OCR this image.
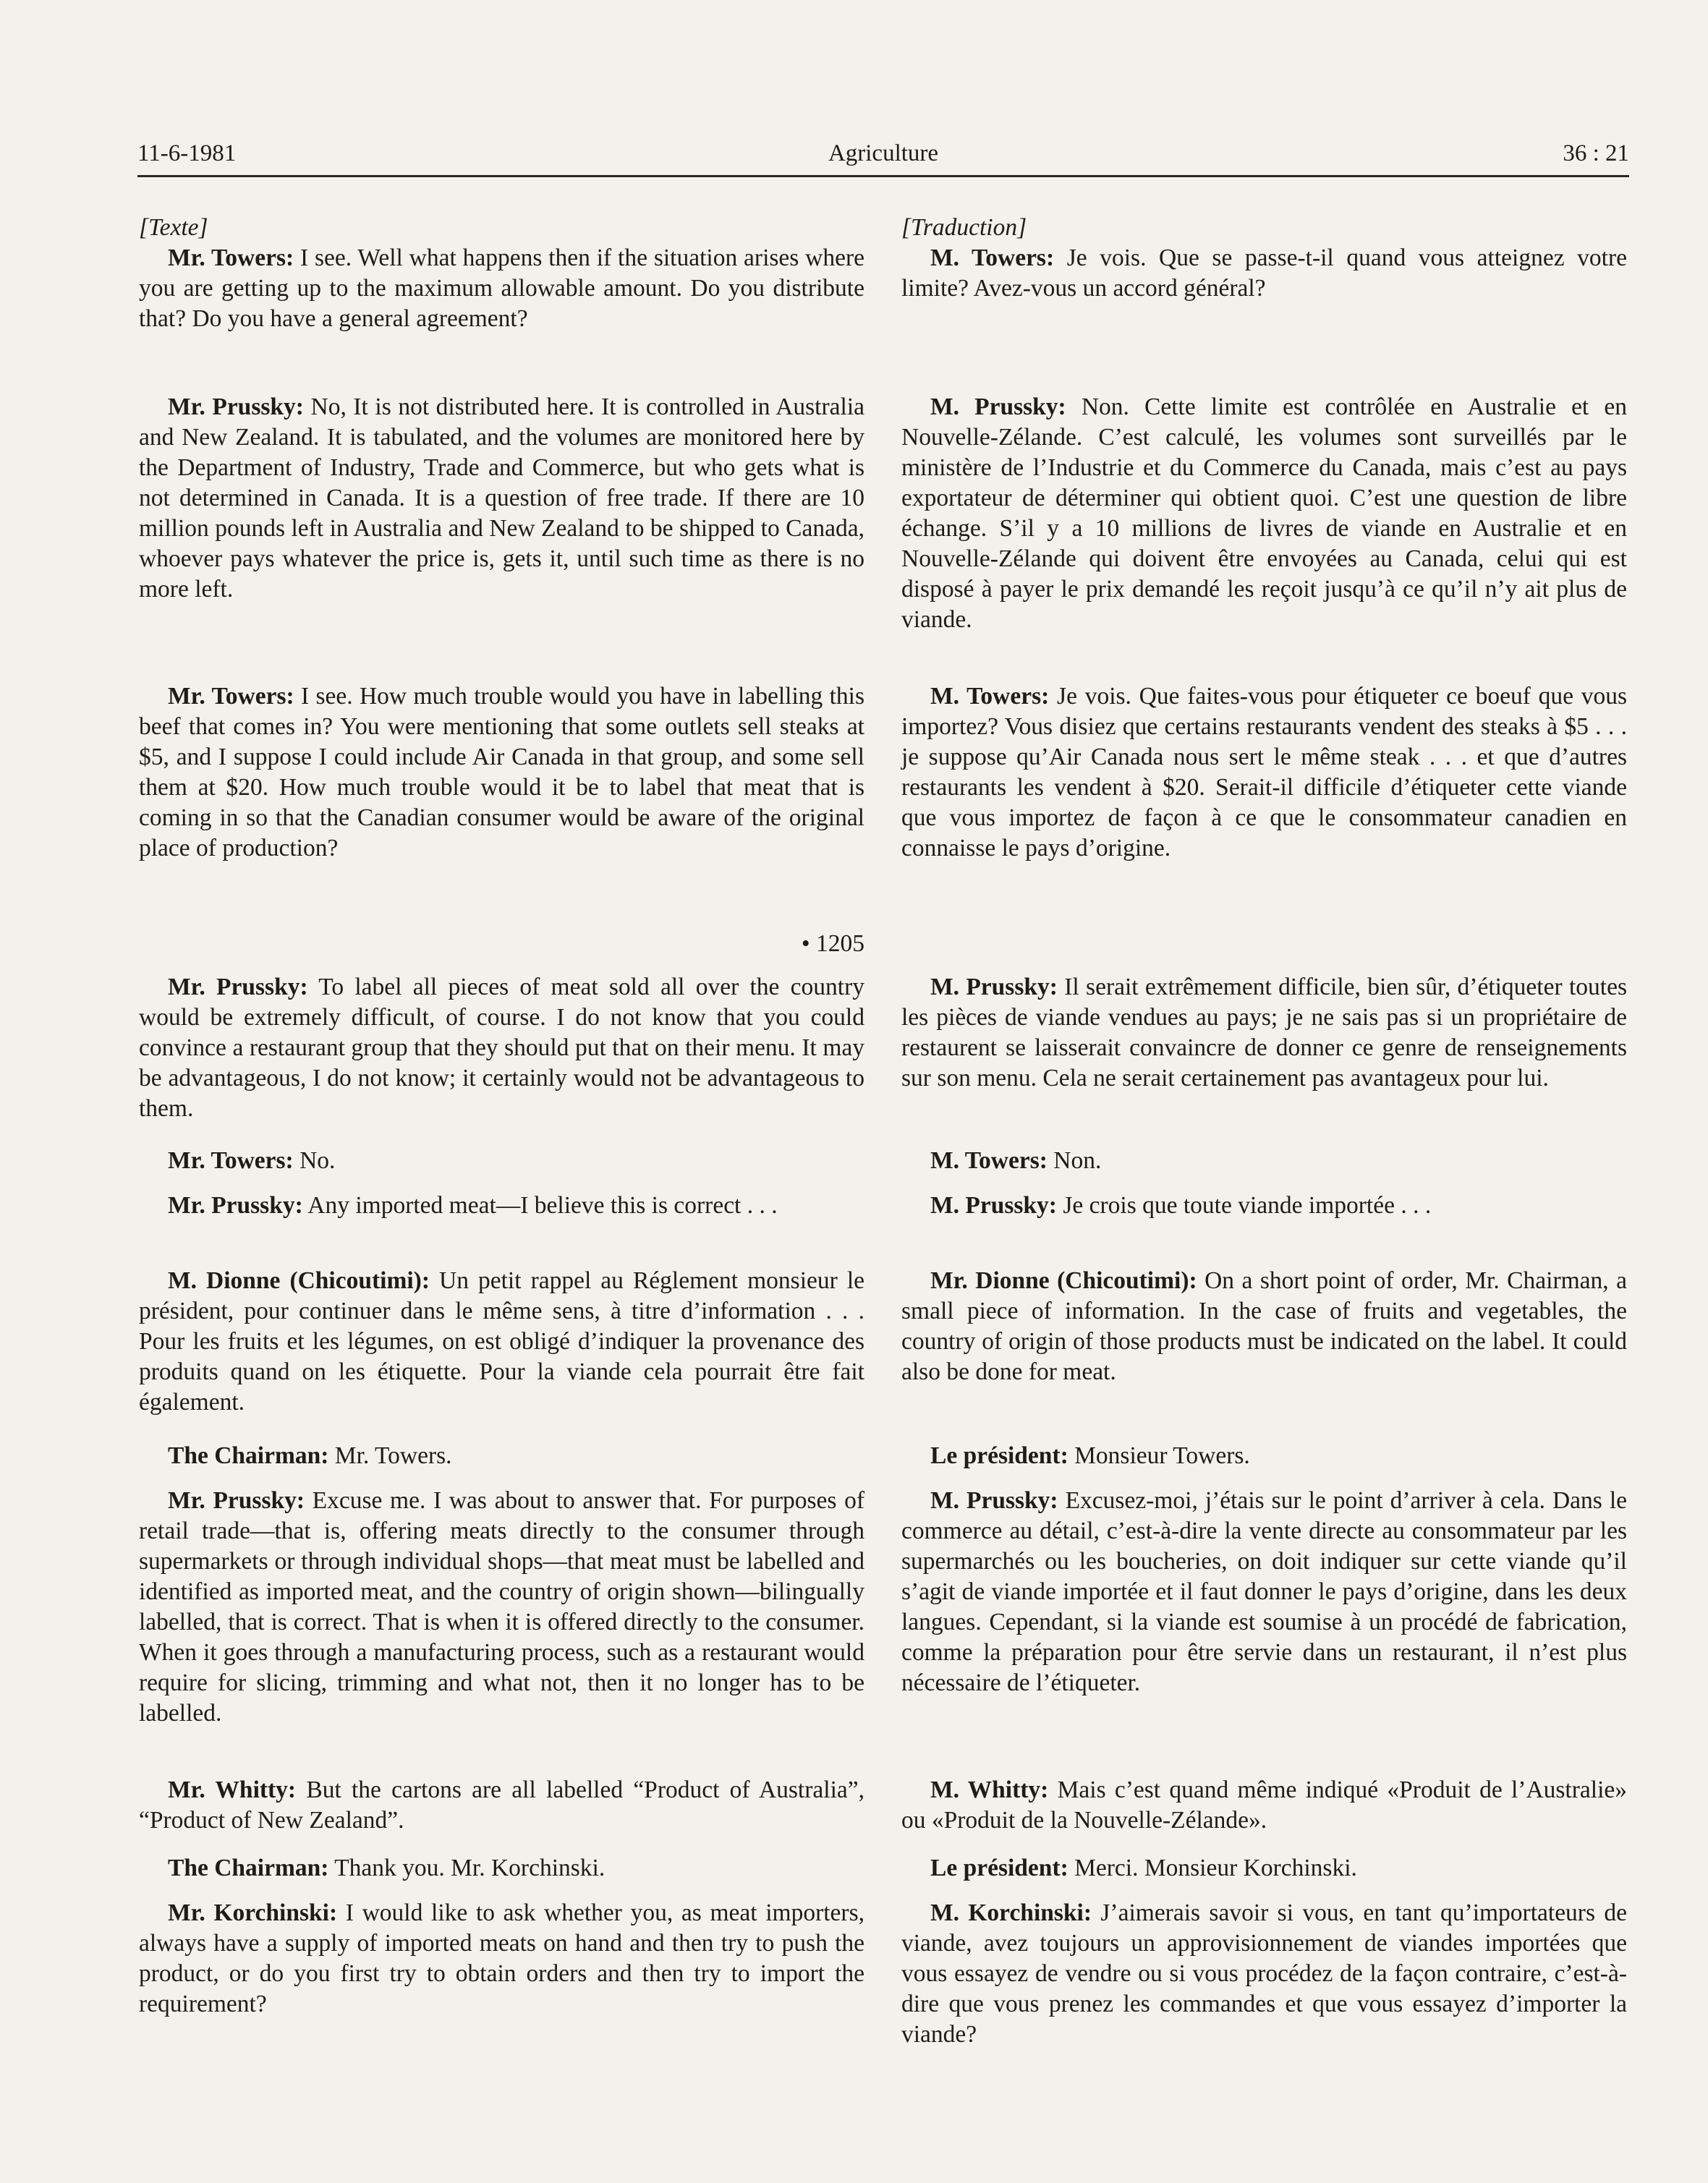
11-6-1981	Agriculture	36 : 21

[Texte]

Mr. Towers: I see. Well what happens then if the situation arises where you are getting up to the maximum allowable amount. Do you distribute that? Do you have a general agreement?

Mr. Prussky: No, It is not distributed here. It is controlled in Australia and New Zealand. It is tabulated, and the volumes are monitored here by the Department of Industry, Trade and Commerce, but who gets what is not determined in Canada. It is a question of free trade. If there are 10 million pounds left in Australia and New Zealand to be shipped to Canada, whoever pays whatever the price is, gets it, until such time as there is no more left.

Mr. Towers: I see. How much trouble would you have in labelling this beef that comes in? You were mentioning that some outlets sell steaks at $5, and I suppose I could include Air Canada in that group, and some sell them at $20. How much trouble would it be to label that meat that is coming in so that the Canadian consumer would be aware of the original place of production?

• 1205

Mr. Prussky: To label all pieces of meat sold all over the country would be extremely difficult, of course. I do not know that you could convince a restaurant group that they should put that on their menu. It may be advantageous, I do not know; it certainly would not be advantageous to them.

Mr. Towers: No.

Mr. Prussky: Any imported meat—I believe this is correct . . .

M. Dionne (Chicoutimi): Un petit rappel au Réglement monsieur le président, pour continuer dans le même sens, à titre d’information . . . Pour les fruits et les légumes, on est obligé d’indiquer la provenance des produits quand on les étiquette. Pour la viande cela pourrait être fait également.

The Chairman: Mr. Towers.

Mr. Prussky: Excuse me. I was about to answer that. For purposes of retail trade—that is, offering meats directly to the consumer through supermarkets or through individual shops—that meat must be labelled and identified as imported meat, and the country of origin shown—bilingually labelled, that is correct. That is when it is offered directly to the consumer. When it goes through a manufacturing process, such as a restaurant would require for slicing, trimming and what not, then it no longer has to be labelled.

Mr. Whitty: But the cartons are all labelled “Product of Australia”, “Product of New Zealand”.

The Chairman: Thank you. Mr. Korchinski.

Mr. Korchinski: I would like to ask whether you, as meat importers, always have a supply of imported meats on hand and then try to push the product, or do you first try to obtain orders and then try to import the requirement?

[Traduction]

M. Towers: Je vois. Que se passe-t-il quand vous atteignez votre limite? Avez-vous un accord général?

M. Prussky: Non. Cette limite est contrôlée en Australie et en Nouvelle-Zélande. C’est calculé, les volumes sont surveillés par le ministère de l’Industrie et du Commerce du Canada, mais c’est au pays exportateur de déterminer qui obtient quoi. C’est une question de libre échange. S’il y a 10 millions de livres de viande en Australie et en Nouvelle-Zélande qui doivent être envoyées au Canada, celui qui est disposé à payer le prix demandé les reçoit jusqu’à ce qu’il n’y ait plus de viande.

M. Towers: Je vois. Que faites-vous pour étiqueter ce boeuf que vous importez? Vous disiez que certains restaurants vendent des steaks à $5 . . . je suppose qu’Air Canada nous sert le même steak . . . et que d’autres restaurants les vendent à $20. Serait-il difficile d’étiqueter cette viande que vous importez de façon à ce que le consommateur canadien en connaisse le pays d’origine.

M. Prussky: Il serait extrêmement difficile, bien sûr, d’étiqueter toutes les pièces de viande vendues au pays; je ne sais pas si un propriétaire de restaurent se laisserait convaincre de donner ce genre de renseignements sur son menu. Cela ne serait certainement pas avantageux pour lui.

M. Towers: Non.

M. Prussky: Je crois que toute viande importée . . .

Mr. Dionne (Chicoutimi): On a short point of order, Mr. Chairman, a small piece of information. In the case of fruits and vegetables, the country of origin of those products must be indicated on the label. It could also be done for meat.

Le président: Monsieur Towers.

M. Prussky: Excusez-moi, j’étais sur le point d’arriver à cela. Dans le commerce au détail, c’est-à-dire la vente directe au consommateur par les supermarchés ou les boucheries, on doit indiquer sur cette viande qu’il s’agit de viande importée et il faut donner le pays d’origine, dans les deux langues. Cependant, si la viande est soumise à un procédé de fabrication, comme la préparation pour être servie dans un restaurant, il n’est plus nécessaire de l’étiqueter.

M. Whitty: Mais c’est quand même indiqué «Produit de l’Australie» ou «Produit de la Nouvelle-Zélande».

Le président: Merci. Monsieur Korchinski.

M. Korchinski: J’aimerais savoir si vous, en tant qu’importateurs de viande, avez toujours un approvisionnement de viandes importées que vous essayez de vendre ou si vous procédez de la façon contraire, c’est-à-dire que vous prenez les commandes et que vous essayez d’importer la viande?
